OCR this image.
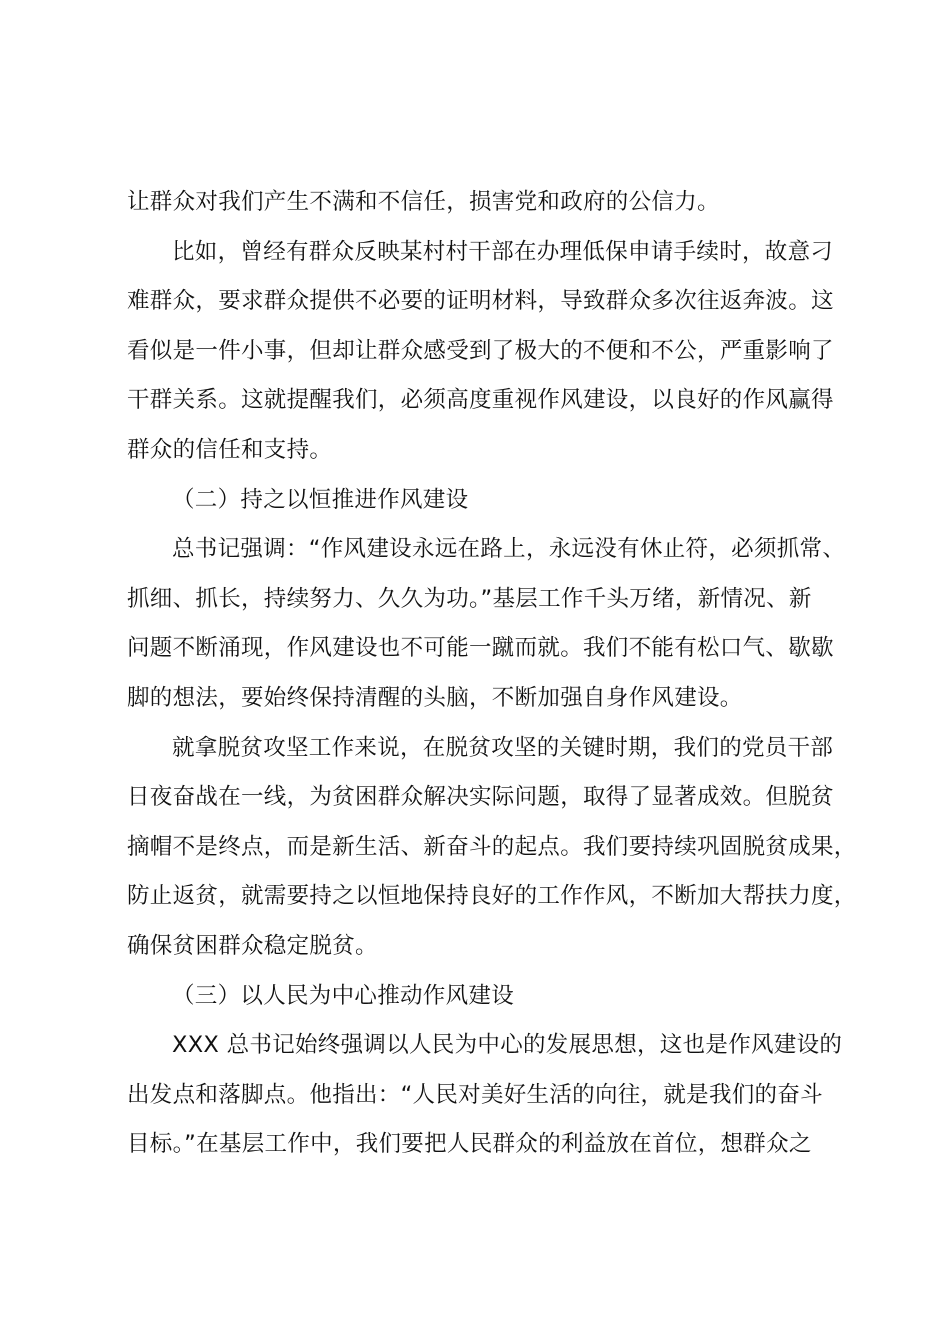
让群众对我们产生不满和不信任，损害党和政府的公信力。
比如，曾经有群众反映某村村干部在办理低保申请手续时，故意刁
难群众，要求群众提供不必要的证明材料，导致群众多次往返奔波。这
看似是一件小事，但却让群众感受到了极大的不便和不公，严重影响了
干群关系。这就提醒我们，必须高度重视作风建设，以良好的作风赢得
群众的信任和支持。
（二）持之以恒推进作风建设
总书记强调：“作风建设永远在路上，永远没有休止符，必须抓常、
抓细、抓长，持续努力、久久为功。”基层工作千头万绪，新情况、新
问题不断涌现，作风建设也不可能一蹴而就。我们不能有松口气、歇歇
脚的想法，要始终保持清醒的头脑，不断加强自身作风建设。
就拿脱贫攻坚工作来说，在脱贫攻坚的关键时期，我们的党员干部
日夜奋战在一线，为贫困群众解决实际问题，取得了显著成效。但脱贫
摘帽不是终点，而是新生活、新奋斗的起点。我们要持续巩固脱贫成果，
防止返贫，就需要持之以恒地保持良好的工作作风，不断加大帮扶力度，
确保贫困群众稳定脱贫。
（三）以人民为中心推动作风建设
XXX 总书记始终强调以人民为中心的发展思想，这也是作风建设的
出发点和落脚点。他指出：“人民对美好生活的向往，就是我们的奋斗
目标。”在基层工作中，我们要把人民群众的利益放在首位，想群众之
